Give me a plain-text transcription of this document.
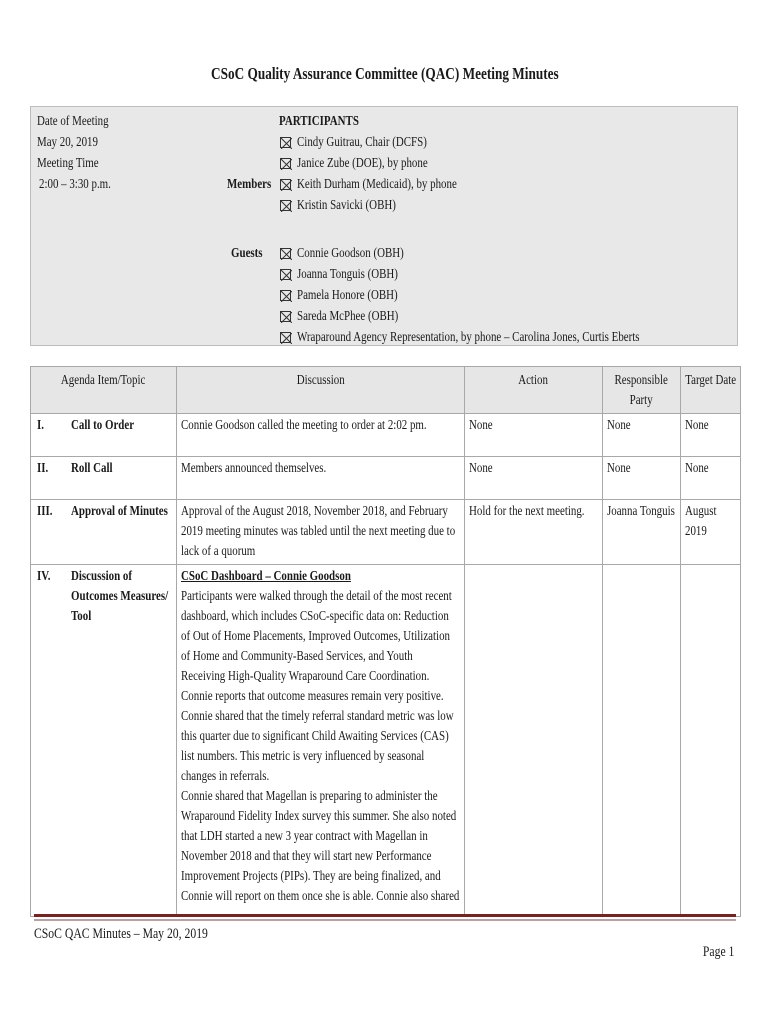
CSoC Quality Assurance Committee (QAC) Meeting Minutes
Date of Meeting
May 20, 2019
Meeting Time
2:00 – 3:30 p.m.
PARTICIPANTS
Members
Cindy Guitrau, Chair (DCFS)
Janice Zube (DOE), by phone
Keith Durham (Medicaid), by phone
Kristin Savicki (OBH)
Guests	Connie Goodson (OBH)
Joanna Tonguis (OBH)
Pamela Honore (OBH)
Sareda McPhee (OBH)
Wraparound Agency Representation, by phone – Carolina Jones, Curtis Eberts
Agenda Item/Topic		Discussion	Action	Responsible Party	Target Date
I.	Call to Order	Connie Goodson called the meeting to order at 2:02 pm.	None	None	None
II.	Roll Call	Members announced themselves.	None	None	None
III.	Approval of Minutes	Approval of the August 2018, November 2018, and February 2019 meeting minutes was tabled until the next meeting due to lack of a quorum	Hold for the next meeting.	Joanna Tonguis	August 2019
IV.	Discussion of Outcomes Measures/ Tool	CSoC Dashboard – Connie Goodson
Participants were walked through the detail of the most recent dashboard, which includes CSoC-specific data on: Reduction of Out of Home Placements, Improved Outcomes, Utilization of Home and Community-Based Services, and Youth Receiving High-Quality Wraparound Care Coordination. Connie reports that outcome measures remain very positive.
Connie shared that the timely referral standard metric was low this quarter due to significant Child Awaiting Services (CAS) list numbers. This metric is very influenced by seasonal changes in referrals.
Connie shared that Magellan is preparing to administer the Wraparound Fidelity Index survey this summer. She also noted that LDH started a new 3 year contract with Magellan in November 2018 and that they will start new Performance Improvement Projects (PIPs). They are being finalized, and Connie will report on them once she is able. Connie also shared			
CSoC QAC Minutes – May 20, 2019
Page 1
